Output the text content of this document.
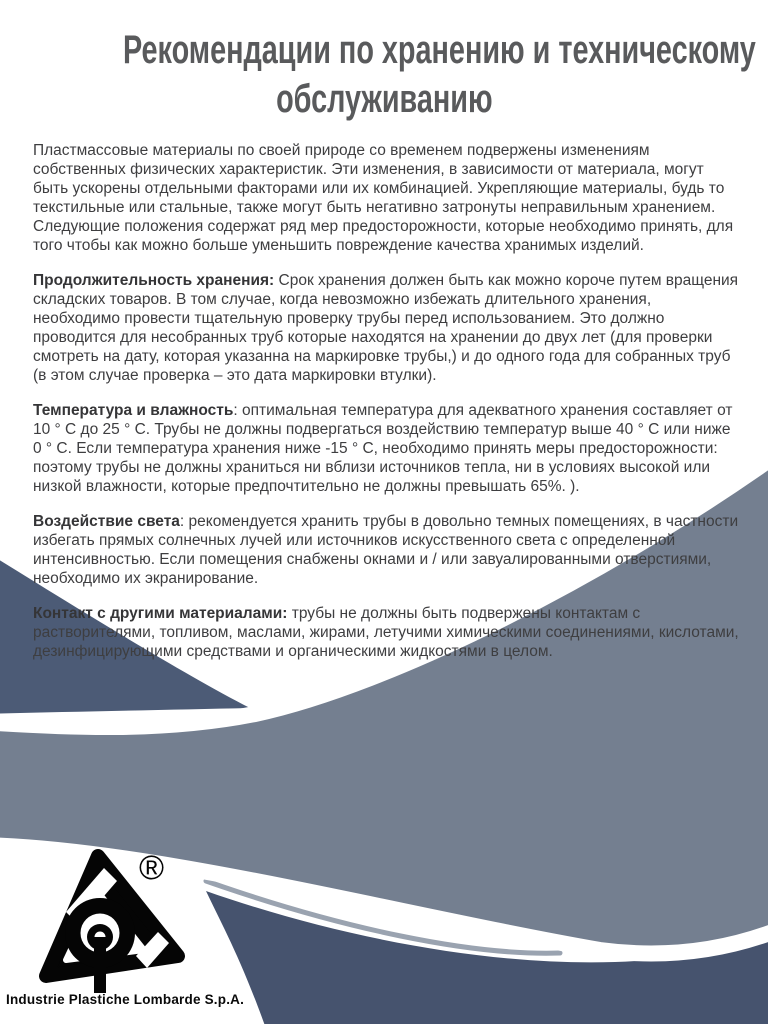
Рекомендации по хранению и техническому
обслуживанию

Пластмассовые материалы по своей природе со временем подвержены изменениям собственных физических характеристик. Эти изменения, в зависимости от материала, могут быть ускорены отдельными факторами или их комбинацией. Укрепляющие материалы, будь то текстильные или стальные, также могут быть негативно затронуты неправильным хранением. Следующие положения содержат ряд мер предосторожности, которые необходимо принять, для того чтобы как можно больше уменьшить повреждение качества хранимых изделий.

Продолжительность хранения: Срок хранения должен быть как можно короче путем вращения складских товаров. В том случае, когда невозможно избежать длительного хранения, необходимо провести тщательную проверку трубы перед использованием. Это должно проводится для несобранных труб которые находятся на хранении до двух лет (для проверки смотреть на дату, которая указанна на маркировке трубы,) и до одного года для собранных труб (в этом случае проверка – это дата маркировки втулки).

Температура и влажность: оптимальная температура для адекватного хранения составляет от 10 ° С до 25 ° С. Трубы не должны подвергаться воздействию температур выше 40 ° С или ниже 0 ° С. Если температура хранения ниже -15 ° С, необходимо принять меры предосторожности: поэтому трубы не должны храниться ни вблизи источников тепла, ни в условиях высокой или низкой влажности, которые предпочтительно не должны превышать 65%. ).

Воздействие света: рекомендуется хранить трубы в довольно темных помещениях, в частности избегать прямых солнечных лучей или источников искусственного света с определенной интенсивностью. Если помещения снабжены окнами и / или завуалированными отверстиями, необходимо их экранирование.

Контакт с другими материалами: трубы не должны быть подвержены контактам с растворителями, топливом, маслами, жирами, летучими химическими соединениями, кислотами, дезинфицирующими средствами и органическими жидкостями в целом.

®
Industrie Plastiche Lombarde S.p.A.
